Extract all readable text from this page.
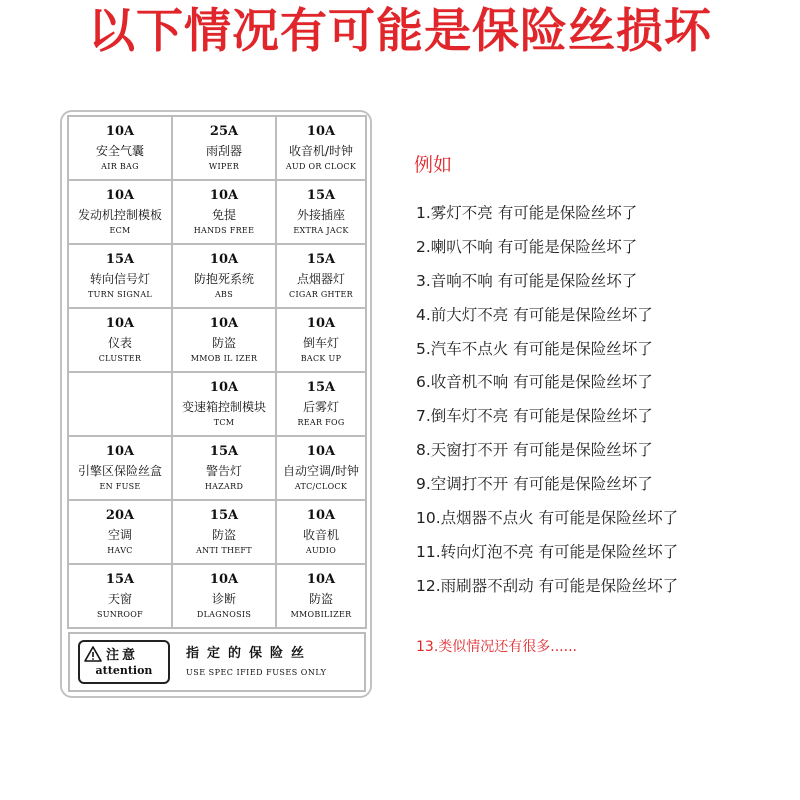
以下情况有可能是保险丝损坏
10A
安全气囊
AIR BAG
25A
雨刮器
WIPER
10A
收音机/时钟
AUD OR CLOCK
10A
发动机控制模板
ECM
10A
免提
HANDS FREE
15A
外接插座
EXTRA JACK
15A
转向信号灯
TURN SIGNAL
10A
防抱死系统
ABS
15A
点烟器灯
CIGAR GHTER
10A
仪表
CLUSTER
10A
防盗
MMOB IL IZER
10A
倒车灯
BACK UP
10A
变速箱控制模块
TCM
15A
后雾灯
REAR FOG
10A
引擎区保险丝盒
EN FUSE
15A
警告灯
HAZARD
10A
自动空调/时钟
ATC/CLOCK
20A
空调
HAVC
15A
防盗
ANTI THEFT
10A
收音机
AUDIO
15A
天窗
SUNROOF
10A
诊断
DLAGNOSIS
10A
防盗
MMOBILIZER
注意
attention
指定的保险丝
USE SPEC IFIED FUSES ONLY
例如
1.雾灯不亮 有可能是保险丝坏了
2.喇叭不响 有可能是保险丝坏了
3.音响不响 有可能是保险丝坏了
4.前大灯不亮 有可能是保险丝坏了
5.汽车不点火 有可能是保险丝坏了
6.收音机不响 有可能是保险丝坏了
7.倒车灯不亮 有可能是保险丝坏了
8.天窗打不开 有可能是保险丝坏了
9.空调打不开 有可能是保险丝坏了
10.点烟器不点火 有可能是保险丝坏了
11.转向灯泡不亮 有可能是保险丝坏了
12.雨刷器不刮动 有可能是保险丝坏了
13.类似情况还有很多......
